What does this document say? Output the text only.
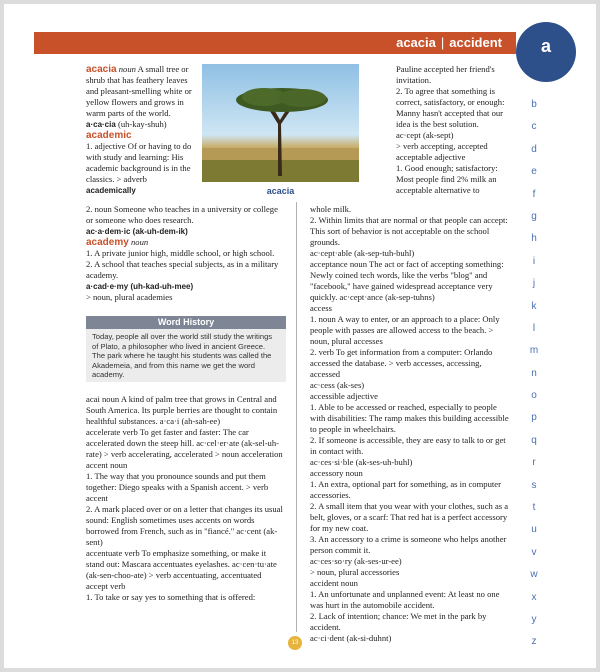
acacia | accident a
b
c
d
e
f
g
h
i
j
k
l
m
n
o
p
q
r
s
t
u
v
w
x
y
z
acacia

acacia noun A small tree or shrub that has feathery leaves and pleasant-smelling white or yellow flowers and grows in warm parts of the world. a·ca·cia (uh-kay-shuh)

academic

1. adjective Of or having to do with study and learning: His academic background is in the classics. > adverb

academically

2. noun Someone who teaches in a university or college or someone who does research.

ac·a·dem·ic (ak-uh-dem-ik)

academy noun

1. A private junior high, middle school, or high school.

2. A school that teaches special subjects, as in a military academy.

a·cad·e·my (uh-kad-uh-mee)

> noun, plural academies

Word History
Today, people all over the world still study the writings of Plato, a philosopher who lived in ancient Greece. The park where he taught his students was called the Akademeia, and from this name we get the word academy.

acai noun A kind of palm tree that grows in Central and South America. Its purple berries are thought to contain healthful substances. a·ca·i (ah-sah-ee)

accelerate verb To get faster and faster: The car accelerated down the steep hill. ac·cel·er·ate (ak-sel-uh-rate) > verb accelerating, accelerated > noun acceleration

accent noun

1. The way that you pronounce sounds and put them together: Diego speaks with a Spanish accent. > verb accent

2. A mark placed over or on a letter that changes its usual sound: English sometimes uses accents on words borrowed from French, such as in "fiancé." ac·cent (ak-sent)

accentuate verb To emphasize something, or make it stand out: Mascara accentuates eyelashes. ac·cen·tu·ate (ak-sen-choo-ate) > verb accentuating, accentuated

accept verb

1. To take or say yes to something that is offered:

Pauline accepted her friend's invitation.

2. To agree that something is correct, satisfactory, or enough: Manny hasn't accepted that our idea is the best solution.

ac·cept (ak-sept)

> verb accepting, accepted

acceptable adjective

1. Good enough; satisfactory: Most people find 2% milk an acceptable alternative to

whole milk.

2. Within limits that are normal or that people can accept: This sort of behavior is not acceptable on the school grounds.

ac·cept·able (ak-sep-tuh-buhl)

acceptance noun The act or fact of accepting something: Newly coined tech words, like the verbs "blog" and "facebook," have gained widespread acceptance very quickly. ac·cept·ance (ak-sep-tuhns)

access

1. noun A way to enter, or an approach to a place: Only people with passes are allowed access to the beach. > noun, plural accesses

2. verb To get information from a computer: Orlando accessed the database. > verb accesses, accessing, accessed

ac·cess (ak-ses)

accessible adjective

1. Able to be accessed or reached, especially to people with disabilities: The ramp makes this building accessible to people in wheelchairs.

2. If someone is accessible, they are easy to talk to or get in contact with.

ac·ces·si·ble (ak-ses-uh-buhl)

accessory noun

1. An extra, optional part for something, as in computer accessories.

2. A small item that you wear with your clothes, such as a belt, gloves, or a scarf: That red hat is a perfect accessory for my new coat.

3. An accessory to a crime is someone who helps another person commit it.

ac·ces·so·ry (ak-ses-ur-ee)

> noun, plural accessories

accident noun

1. An unfortunate and unplanned event: At least no one was hurt in the automobile accident.

2. Lack of intention; chance: We met in the park by accident.

ac·ci·dent (ak-si-duhnt)

13
